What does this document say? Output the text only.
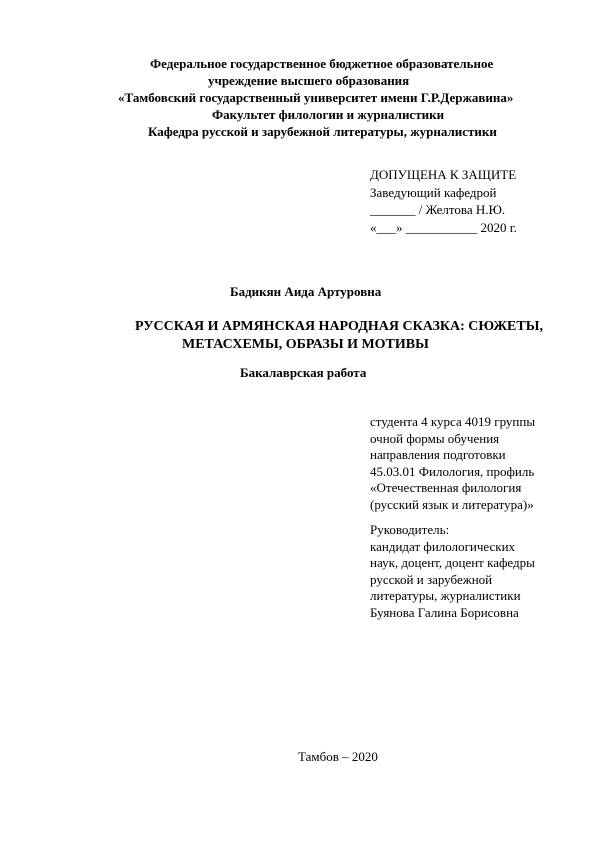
Федеральное государственное бюджетное образовательное

учреждение высшего образования

«Тамбовский государственный университет имени Г.Р.Державина»

Факультет филологии и журналистики

Кафедра русской и зарубежной литературы, журналистики

ДОПУЩЕНА К ЗАЩИТЕ
Заведующий кафедрой
_______ / Желтова Н.Ю.
«___» ___________ 2020 г.

Бадикян Аида Артуровна

РУССКАЯ И АРМЯНСКАЯ НАРОДНАЯ СКАЗКА: СЮЖЕТЫ,

МЕТАСХЕМЫ, ОБРАЗЫ И МОТИВЫ

Бакалаврская работа

студента 4 курса 4019 группы
очной формы обучения
направления подготовки
45.03.01 Филология, профиль
«Отечественная филология
(русский язык и литература)»
Руководитель:
кандидат филологических
наук, доцент, доцент кафедры
русской и зарубежной
литературы, журналистики
Буянова Галина Борисовна

Тамбов – 2020
